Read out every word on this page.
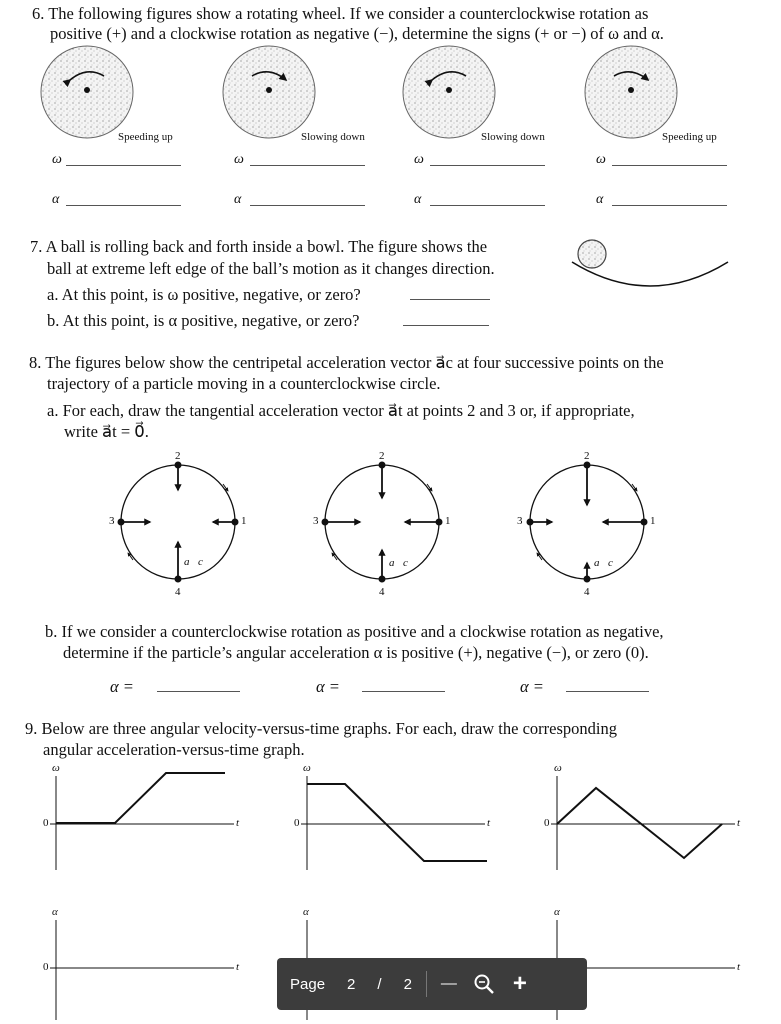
6. The following figures show a rotating wheel. If we consider a counterclockwise rotation as
positive (+) and a clockwise rotation as negative (−), determine the signs (+ or −) of ω and α.
Speeding up	Slowing down	Slowing down	Speeding up
ω	ω	ω	ω
α	α	α	α
7. A ball is rolling back and forth inside a bowl. The figure shows the
ball at extreme left edge of the ball’s motion as it changes direction.
a. At this point, is ω positive, negative, or zero?
b. At this point, is α positive, negative, or zero?
8. The figures below show the centripetal acceleration vector a⃗c at four successive points on the
trajectory of a particle moving in a counterclockwise circle.
a. For each, draw the tangential acceleration vector a⃗t at points 2 and 3 or, if appropriate,
write a⃗t = 0⃗.
1
2
3
4
a⃗c
1
2
3
4
a⃗c
1
2
3
4
a⃗c
b. If we consider a counterclockwise rotation as positive and a clockwise rotation as negative,
determine if the particle’s angular acceleration α is positive (+), negative (−), or zero (0).
α =	α =	α =
9. Below are three angular velocity-versus-time graphs. For each, draw the corresponding
angular acceleration-versus-time graph.
ω
0	t
ω
0	t
ω
0	t
α
0	t
α	α
t
Page 2 / 2 — +
